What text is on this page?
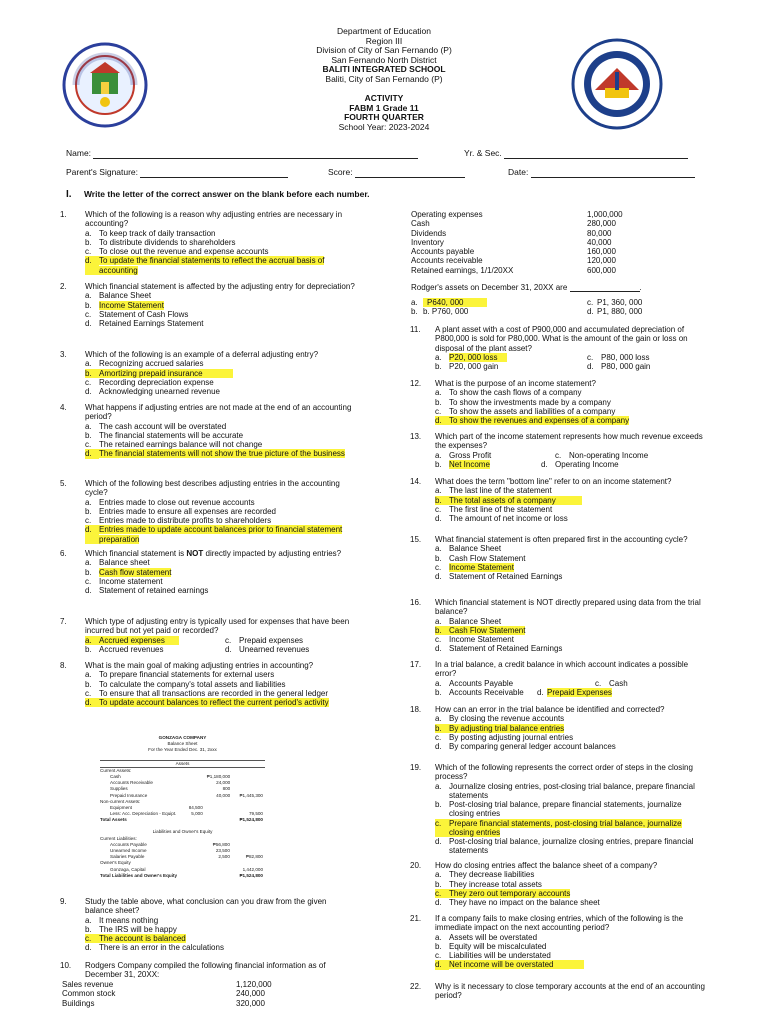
Department of Education
Region III
Division of City of San Fernando (P)
San Fernando North District
BALITI INTEGRATED SCHOOL
Baliti, City of San Fernando (P)
ACTIVITY
FABM 1 Grade 11
FOURTH QUARTER
School Year: 2023-2024
Name:	Yr. & Sec.
Parent's Signature:	Score:	Date:
I. Write the letter of the correct answer on the blank before each number.
1. Which of the following is a reason why adjusting entries are necessary in accounting?
a. To keep track of daily transaction
b. To distribute dividends to shareholders
c. To close out the revenue and expense accounts
d. To update the financial statements to reflect the accrual basis of accounting
2. Which financial statement is affected by the adjusting entry for depreciation?
a. Balance Sheet
b. Income Statement
c. Statement of Cash Flows
d. Retained Earnings Statement
3. Which of the following is an example of a deferral adjusting entry?
a. Recognizing accrued salaries
b. Amortizing prepaid insurance
c. Recording depreciation expense
d. Acknowledging unearned revenue
4. What happens if adjusting entries are not made at the end of an accounting period?
a. The cash account will be overstated
b. The financial statements will be accurate
c. The retained earnings balance will not change
d. The financial statements will not show the true picture of the business
5. Which of the following best describes adjusting entries in the accounting cycle?
a. Entries made to close out revenue accounts
b. Entries made to ensure all expenses are recorded
c. Entries made to distribute profits to shareholders
d. Entries made to update account balances prior to financial statement preparation
6. Which financial statement is NOT directly impacted by adjusting entries?
a. Balance sheet
b. Cash flow statement
c. Income statement
d. Statement of retained earnings
7. Which type of adjusting entry is typically used for expenses that have been incurred but not yet paid or recorded?
a. Accrued expenses	c. Prepaid expenses
b. Accrued revenues	d. Unearned revenues
8. What is the main goal of making adjusting entries in accounting?
a. To prepare financial statements for external users
b. To calculate the company's total assets and liabilities
c. To ensure that all transactions are recorded in the general ledger
d. To update account balances to reflect the current period's activity
GONZAGA COMPANY
Balance Sheet
For the Year Ended Dec. 31, 2xxx
Assets
Current Assets:			
Cash		₱1,180,000	
Accounts Receivable		24,000	
Supplies		800	
Prepaid Insurance		40,000	₱1,445,300
Non-current Assets:			
Equipment	84,500		
Less: Acc. Depreciation - Equipt.	5,000		79,500
Total Assets			₱1,524,800
Liabilities and Owner's Equity
Current Liabilities:			
Accounts Payable		₱56,800	
Unearned Income		23,500	
Salaries Payable		2,500	₱82,800
Owner's Equity			
Gonzaga, Capital			1,442,000
Total Liabilities and Owner's Equity			₱1,524,800
9. Study the table above, what conclusion can you draw from the given balance sheet?
a. It means nothing
b. The IRS will be happy
c. The account is balanced
d. There is an error in the calculations
10. Rodgers Company compiled the following financial information as of December 31, 20XX:
Sales revenue	1,120,000
Common stock	240,000
Buildings	320,000
Operating expenses	1,000,000
Cash	280,000
Dividends	80,000
Inventory	40,000
Accounts payable	160,000
Accounts receivable	120,000
Retained earnings, 1/1/20XX	600,000
Rodger's assets on December 31, 20XX are	.
a.	P640, 000	c. P1, 360, 000
b. b. P760, 000	d. P1, 880, 000
11. A plant asset with a cost of P900,000 and accumulated depreciation of P800,000 is sold for P80,000. What is the amount of the gain or loss on disposal of the plant asset?
a. P20, 000 loss	c. P80, 000 loss
b. P20, 000 gain	d. P80, 000 gain
12. What is the purpose of an income statement?
a. To show the cash flows of a company
b. To show the investments made by a company
c. To show the assets and liabilities of a company
d. To show the revenues and expenses of a company
13. Which part of the income statement represents how much revenue exceeds the expenses?
a. Gross Profit	c. Non-operating Income
b. Net Income	d. Operating Income
14. What does the term "bottom line" refer to on an income statement?
a. The last line of the statement
b. The total assets of a company
c. The first line of the statement
d. The amount of net income or loss
15. What financial statement is often prepared first in the accounting cycle?
a. Balance Sheet
b. Cash Flow Statement
c. Income Statement
d. Statement of Retained Earnings
16. Which financial statement is NOT directly prepared using data from the trial balance?
a. Balance Sheet
b. Cash Flow Statement
c. Income Statement
d. Statement of Retained Earnings
17. In a trial balance, a credit balance in which account indicates a possible error?
a. Accounts Payable	c. Cash
b. Accounts Receivable d. Prepaid Expenses
18. How can an error in the trial balance be identified and corrected?
a. By closing the revenue accounts
b. By adjusting trial balance entries
c. By posting adjusting journal entries
d. By comparing general ledger account balances
19. Which of the following represents the correct order of steps in the closing process?
a. Journalize closing entries, post-closing trial balance, prepare financial statements
b. Post-closing trial balance, prepare financial statements, journalize closing entries
c. Prepare financial statements, post-closing trial balance, journalize closing entries
d. Post-closing trial balance, journalize closing entries, prepare financial statements
20. How do closing entries affect the balance sheet of a company?
a. They decrease liabilities
b. They increase total assets
c. They zero out temporary accounts
d. They have no impact on the balance sheet
21. If a company fails to make closing entries, which of the following is the immediate impact on the next accounting period?
a. Assets will be overstated
b. Equity will be miscalculated
c. Liabilities will be understated
d. Net income will be overstated
22. Why is it necessary to close temporary accounts at the end of an accounting period?
